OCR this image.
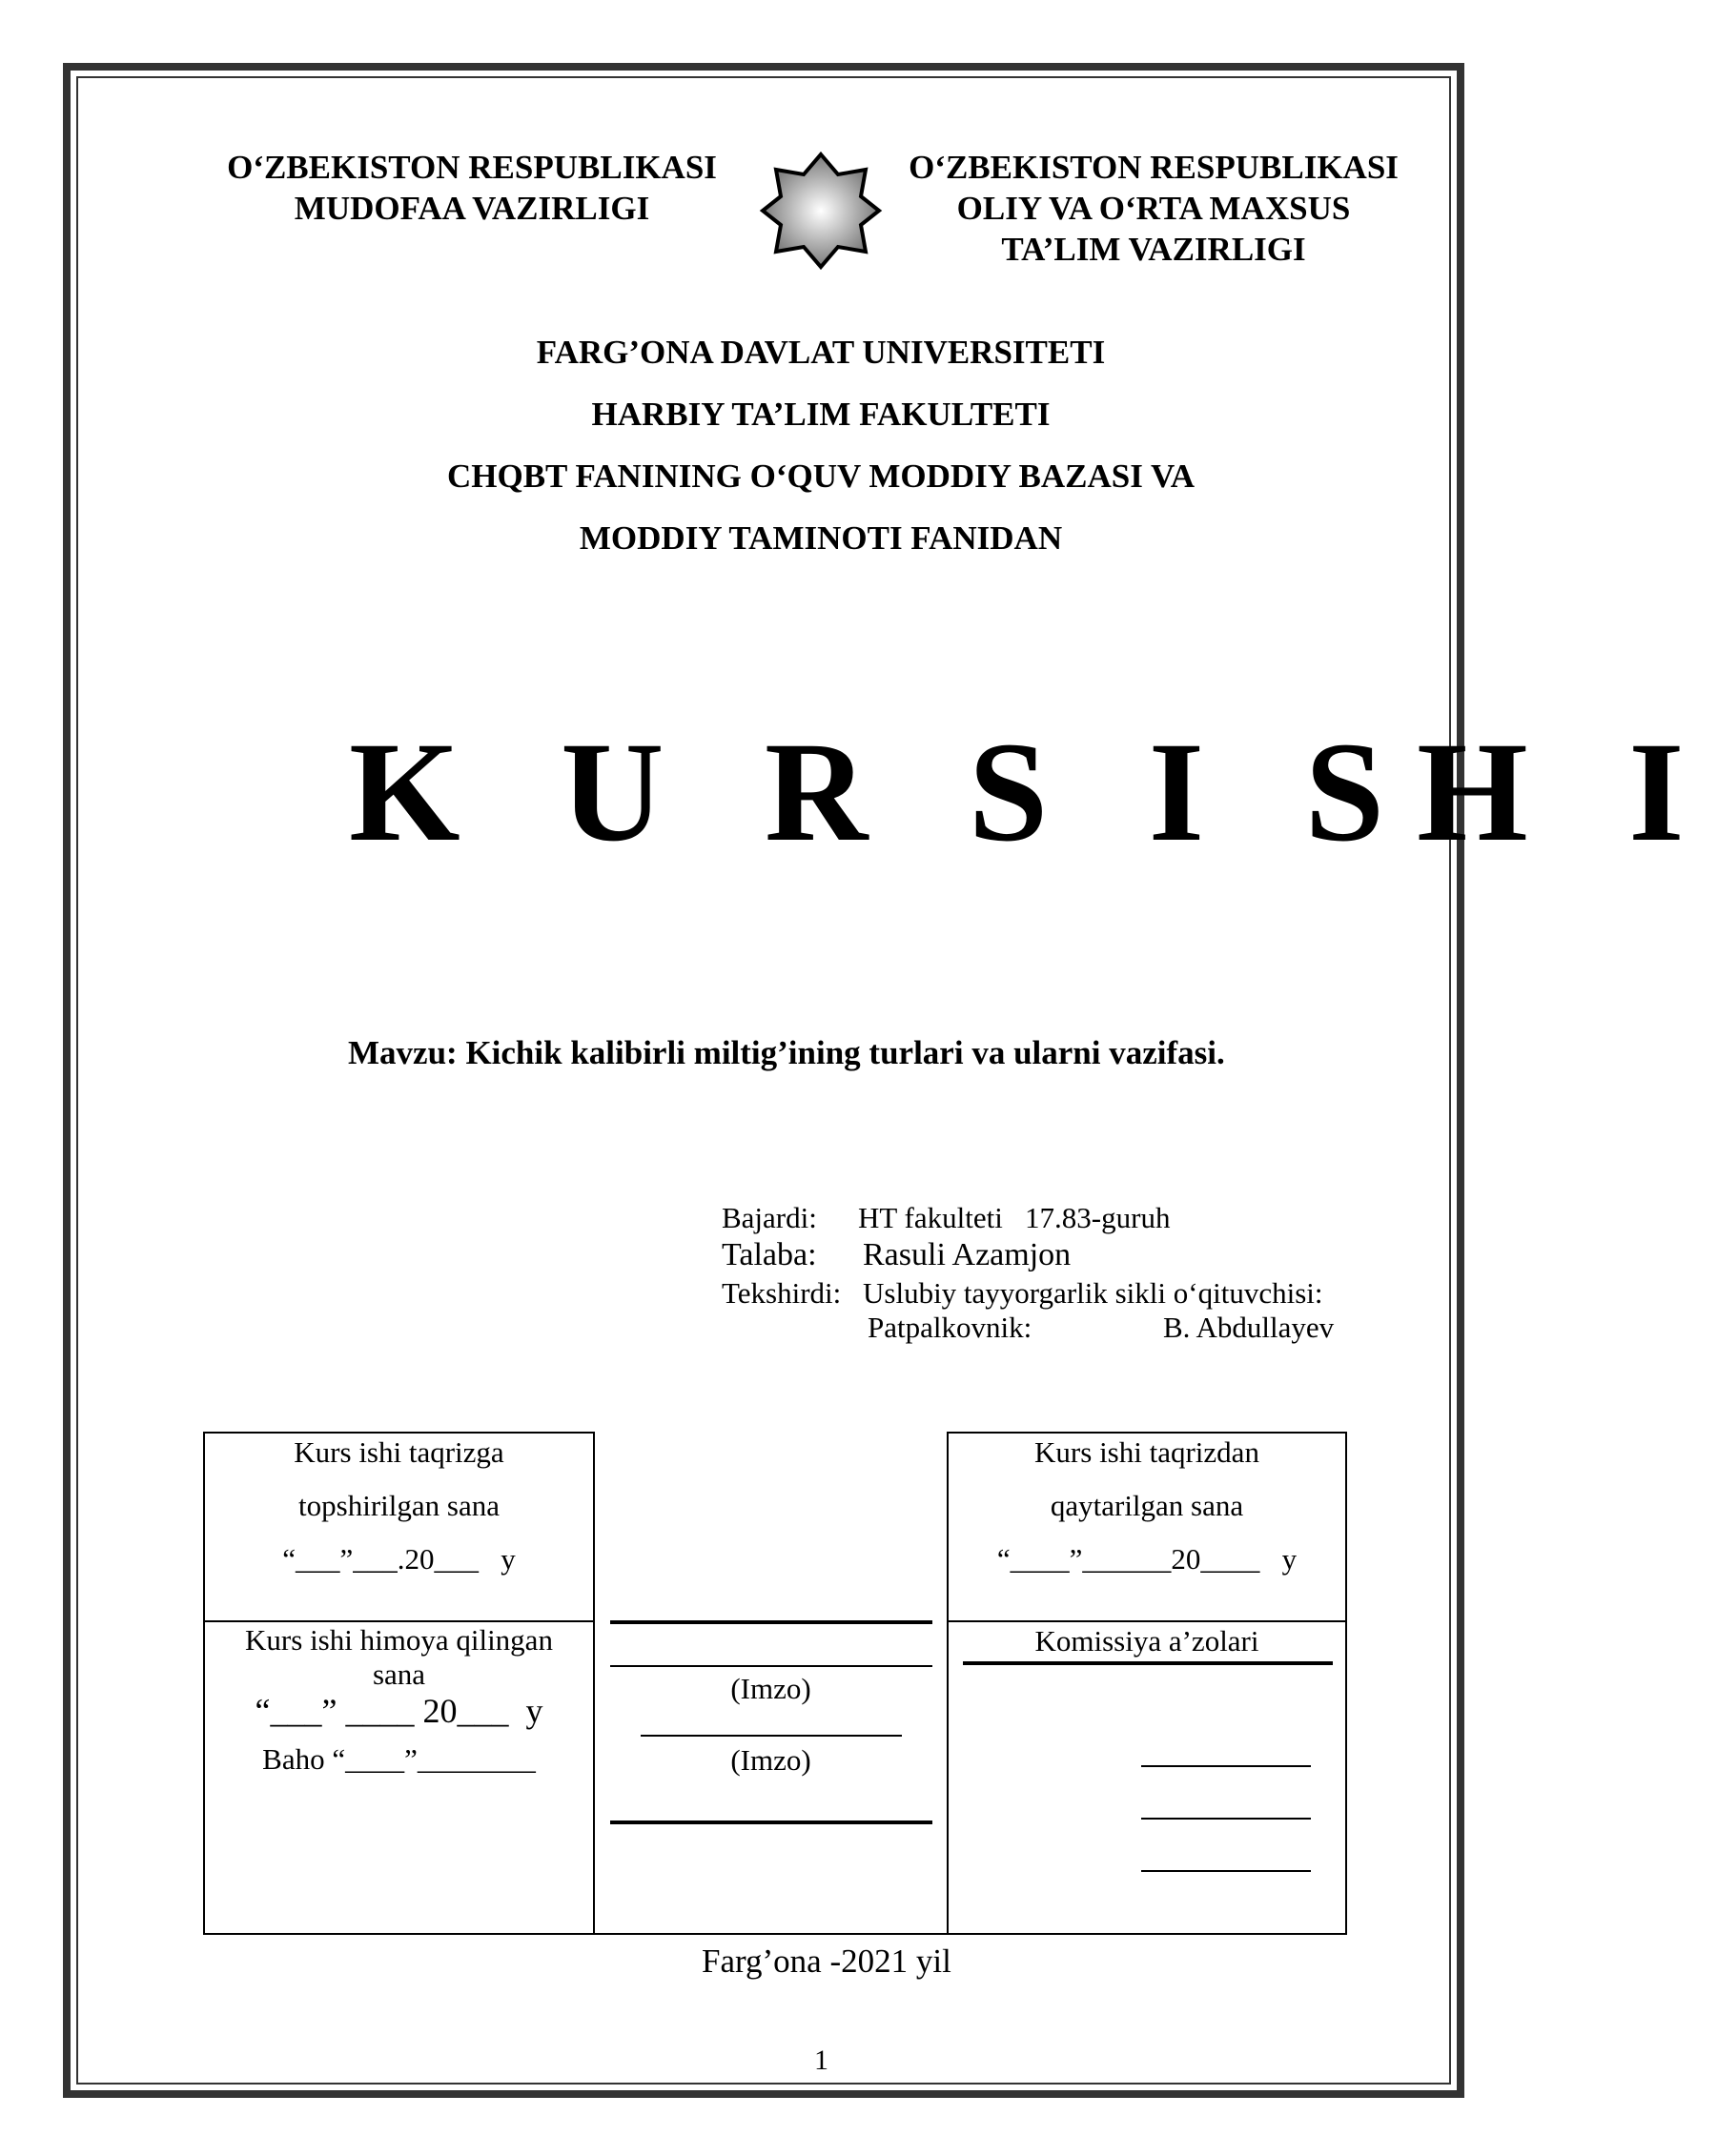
O‘ZBEKISTON RESPUBLIKASI
MUDOFAA VAZIRLIGI
O‘ZBEKISTON RESPUBLIKASI
OLIY VA O‘RTA MAXSUS
TA’LIM VAZIRLIGI
FARG’ONA DAVLAT UNIVERSITETI
HARBIY TA’LIM FAKULTETI
CHQBT FANINING O‘QUV MODDIY BAZASI VA
MODDIY TAMINOTI FANIDAN
K U R S I SH I
Mavzu: Kichik kalibirli miltig’ining turlari va ularni vazifasi.
Bajardi: HT fakulteti   17.83-guruh
Talaba: Rasuli Azamjon
Tekshirdi: Uslubiy tayyorgarlik sikli o‘qituvchisi:
Patpalkovnik:	B. Abdullayev
Kurs ishi taqrizga
topshirilgan sana
“___”___.20___   y
Kurs ishi taqrizdan
qaytarilgan sana
“____”______20____   y
Kurs ishi himoya qilingan
sana
“___” ____ 20___  y
Baho “____”________
(Imzo)
(Imzo)
Komissiya a’zolari
Farg’ona -2021 yil
1
